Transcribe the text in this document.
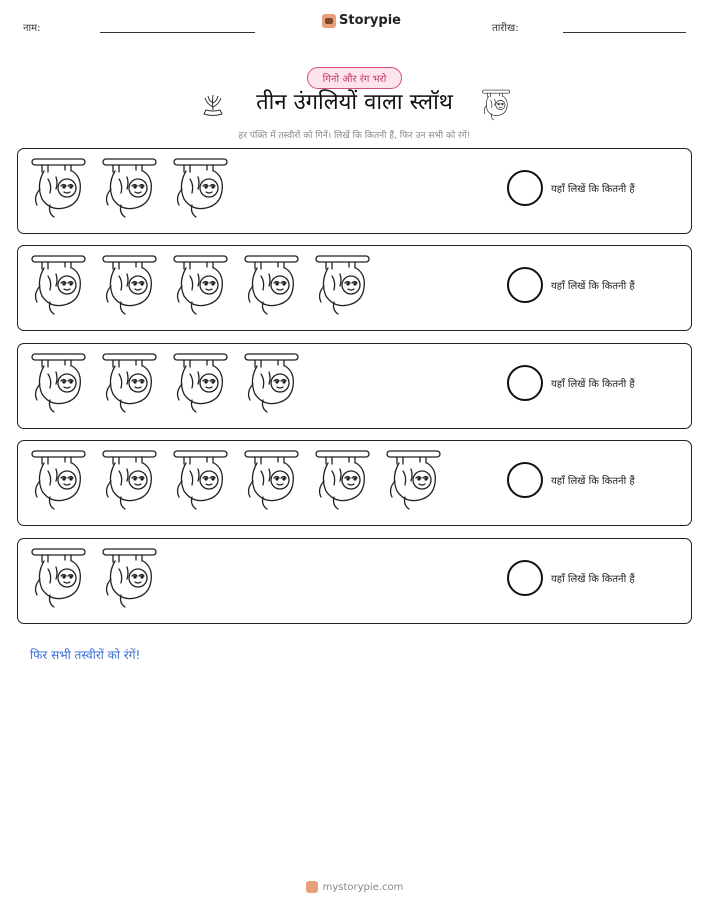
नाम:
Storypie
तारीख:
गिनो और रंग भरो
तीन उंगलियों वाला स्लॉथ
हर पंक्ति में तस्वीरों को गिनें। लिखें कि कितनी हैं, फिर उन सभी को रंगें!
यहाँ लिखें कि कितनी हैं
यहाँ लिखें कि कितनी हैं
यहाँ लिखें कि कितनी हैं
यहाँ लिखें कि कितनी हैं
यहाँ लिखें कि कितनी हैं
फिर सभी तस्वीरों को रंगें!
mystorypie.com
